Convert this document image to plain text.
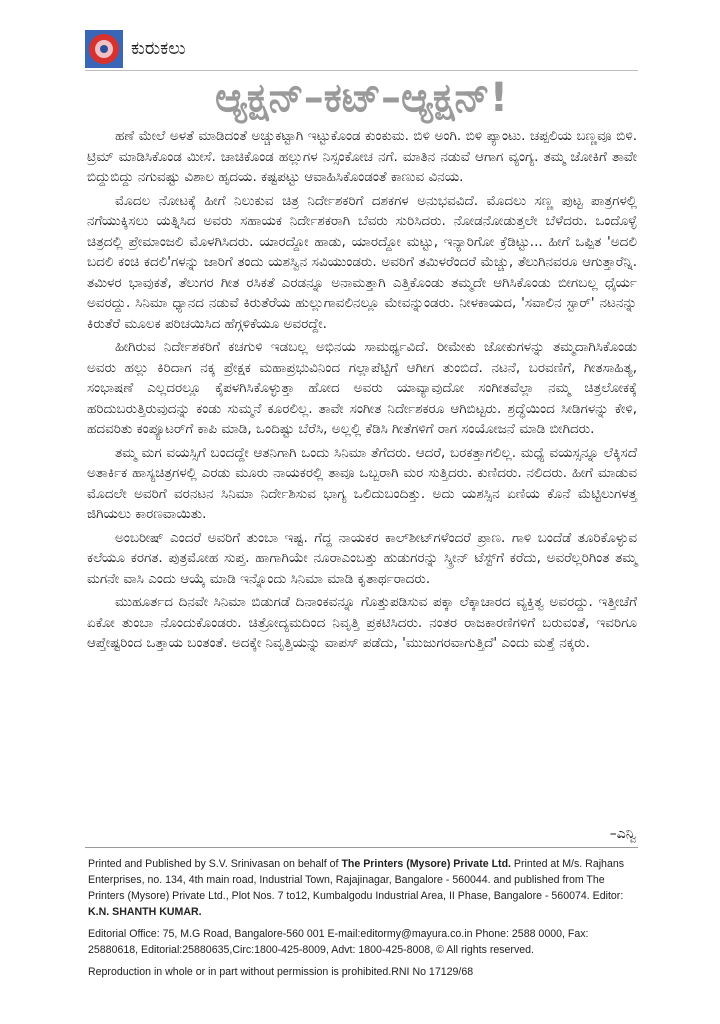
ಕುರುಕಲು
ಆ್ಯಕ್ಷನ್–ಕಟ್–ಆ್ಯಕ್ಷನ್!

ಹಣೆ ಮೇಲೆ ಅಳತೆ ಮಾಡಿದಂತೆ ಅಚ್ಚುಕಟ್ಟಾಗಿ ಇಟ್ಟುಕೊಂಡ ಕುಂಕುಮ. ಬಿಳಿ ಅಂಗಿ. ಬಿಳಿ ಪ್ಯಾಂಟು. ಚಪ್ಪಲಿಯ ಬಣ್ಣವೂ ಬಿಳಿ. ಟ್ರಿಮ್ ಮಾಡಿಸಿಕೊಂಡ ಮೀಸೆ. ಚಾಚಿಕೊಂಡ ಹಲ್ಲುಗಳ ನಿಸ್ಸಂಕೋಚ ನಗೆ. ಮಾತಿನ ನಡುವೆ ಆಗಾಗ ವ್ಯಂಗ್ಯ. ತಮ್ಮ ಜೋಕಿಗೆ ತಾವೇ ಬಿದ್ದುಬಿದ್ದು ನಗುವಷ್ಟು ವಿಶಾಲ ಹೃದಯ. ಕಷ್ಟಪಟ್ಟು ಆವಾಹಿಸಿಕೊಂಡಂತೆ ಕಾಣುವ ವಿನಯ.

ಮೊದಲ ನೋಟಕ್ಕೆ ಹೀಗೆ ನಿಲುಕುವ ಚಿತ್ರ ನಿರ್ದೇಶಕರಿಗೆ ದಶಕಗಳ ಅನುಭವವಿದೆ. ಮೊದಲು ಸಣ್ಣ ಪುಟ್ಟ ಪಾತ್ರಗಳಲ್ಲಿ ನಗೆಯುಕ್ಕಿಸಲು ಯತ್ನಿಸಿದ ಅವರು ಸಹಾಯಕ ನಿರ್ದೇಶಕರಾಗಿ ಬೆವರು ಸುರಿಸಿದರು. ನೋಡನೋಡುತ್ತಲೇ ಬೆಳೆದರು. ಒಂದೊಳ್ಳೆ ಚಿತ್ರದಲ್ಲಿ ಪ್ರೇಮಾಂಜಲಿ ಮೊಳಗಿಸಿದರು. ಯಾರದ್ದೋ ಹಾಡು, ಯಾರದ್ದೋ ಮಟ್ಟು, ಇನ್ಯಾರಿಗೋ ಕ್ರೆಡಿಟ್ಟು... ಹೀಗೆ ಒಪ್ಪಿತ 'ಅದಲಿ ಬದಲಿ ಕಂಚಿ ಕದಲಿ'ಗಳನ್ನು ಜಾರಿಗೆ ತಂದು ಯಶಸ್ವಿನ ಸವಿಯುಂಡರು. ಅವರಿಗೆ ತಮಿಳರೆಂದರೆ ಮೆಚ್ಚು, ತೆಲುಗಿನವರೂ ಆಗುತ್ತಾರೆನ್ನಿ. ತಮಿಳರ ಭಾವುಕತೆ, ತೆಲುಗರ ಗೀತ ರಸಿಕತೆ ಎರಡನ್ನೂ ಅನಾಮತ್ತಾಗಿ ಎತ್ತಿಕೊಂಡು ತಮ್ಮದೇ ಆಗಿಸಿಕೊಂಡು ಬೀಗಬಲ್ಲ ಧೈರ್ಯ ಅವರದ್ದು. ಸಿನಿಮಾ ಧ್ಯಾನದ ನಡುವೆ ಕಿರುತೆರೆಯ ಹುಲ್ಲುಗಾವಲಿನಲ್ಲೂ ಮೇವನ್ನುಂಡರು. ನೀಳಕಾಯದ, 'ಸವಾಲಿನ ಸ್ಟಾರ್' ನಟನನ್ನು ಕಿರುತೆರೆ ಮೂಲಕ ಪರಿಚಯಿಸಿದ ಹೆಗ್ಗಳಿಕೆಯೂ ಅವರದ್ದೇ.

ಹೀಗಿರುವ ನಿರ್ದೇಶಕರಿಗೆ ಕಚಗುಳಿ ಇಡಬಲ್ಲ ಅಭಿನಯ ಸಾಮರ್ಥ್ಯವಿದೆ. ರೀಮೇಕು ಜೋಕುಗಳನ್ನು ತಮ್ಮದಾಗಿಸಿಕೊಂಡು ಅವರು ಹಲ್ಲು ಕಿರಿದಾಗ ನಕ್ಕ ಪ್ರೇಕ್ಷಕ ಮಹಾಪ್ರಭುವಿನಿಂದ ಗಲ್ಲಾಪೆಟ್ಟಿಗೆ ಆಗೀಗ ತುಂಬಿದೆ. ನಟನೆ, ಬರವಣಿಗೆ, ಗೀತಸಾಹಿತ್ಯ, ಸಂಭಾಷಣೆ ಎಲ್ಲದರಲ್ಲೂ ಕೈಪಳಗಿಸಿಕೊಳ್ಳುತ್ತಾ ಹೋದ ಅವರು ಯಾವ್ಯಾವುದೋ ಸಂಗೀತವೆಲ್ಲಾ ನಮ್ಮ ಚಿತ್ರಲೋಕಕ್ಕೆ ಹರಿದುಬರುತ್ತಿರುವುದನ್ನು ಕಂಡು ಸುಮ್ಮನೆ ಕೂರಲಿಲ್ಲ. ತಾವೇ ಸಂಗೀತ ನಿರ್ದೇಶಕರೂ ಆಗಿಬಿಟ್ಟರು. ಶ್ರದ್ಧೆಯಿಂದ ಸೀಡಿಗಳನ್ನು ಕೇಳಿ, ಹದವರಿತು ಕಂಪ್ಯೂಟರ್‌ಗೆ ಕಾಪಿ ಮಾಡಿ, ಒಂದಿಷ್ಟು ಬೆರೆಸಿ, ಅಲ್ಲಲ್ಲಿ ಕೆಡಿಸಿ ಗೀತೆಗಳಿಗೆ ರಾಗ ಸಂಯೋಜನೆ ಮಾಡಿ ಬೀಗಿದರು.

ತಮ್ಮ ಮಗ ವಯಸ್ಸಿಗೆ ಬಂದದ್ದೇ ಆತನಿಗಾಗಿ ಒಂದು ಸಿನಿಮಾ ತೆಗೆದರು. ಆದರೆ, ಬರಕತ್ತಾಗಲಿಲ್ಲ. ಮಧ್ಯೆ ವಯಸ್ಸನ್ನೂ ಲೆಕ್ಕಿಸದೆ ಅತಾರ್ಕಿಕ ಹಾಸ್ಯಚಿತ್ರಗಳಲ್ಲಿ ಎರಡು ಮೂರು ನಾಯಕರಲ್ಲಿ ತಾವೂ ಒಬ್ಬರಾಗಿ ಮರ ಸುತ್ತಿದರು. ಕುಣಿದರು. ನಲಿದರು. ಹೀಗೆ ಮಾಡುವ ಮೊದಲೇ ಅವರಿಗೆ ವರನಟನ ಸಿನಿಮಾ ನಿರ್ದೇಶಿಸುವ ಭಾಗ್ಯ ಒಲಿದುಬಂದಿತ್ತು. ಅದು ಯಶಸ್ಸಿನ ಏಣಿಯ ಕೊನೆ ಮೆಟ್ಟಿಲುಗಳತ್ತ ಜಿಗಿಯಲು ಕಾರಣವಾಯಿತು.

ಅಂಬರೀಷ್ ಎಂದರೆ ಅವರಿಗೆ ತುಂಬಾ ಇಷ್ಟ. ಗೆದ್ದ ನಾಯಕರ ಕಾಲ್‌ಶೀಟ್‌ಗಳೆಂದರೆ ಪ್ರಾಣ. ಗಾಳಿ ಬಂದೆಡೆ ತೂರಿಕೊಳ್ಳುವ ಕಲೆಯೂ ಕರಗತ. ಪುತ್ರಮೋಹ ಸುಪ್ತ. ಹಾಗಾಗಿಯೇ ನೂರಾಎಂಬತ್ತು ಹುಡುಗರನ್ನು ಸ್ಕ್ರೀನ್ ಟೆಸ್ಟ್‌ಗೆ ಕರೆದು, ಅವರೆಲ್ಲರಿಗಿಂತ ತಮ್ಮ ಮಗನೇ ವಾಸಿ ಎಂದು ಆಯ್ಕೆ ಮಾಡಿ ಇನ್ನೊಂದು ಸಿನಿಮಾ ಮಾಡಿ ಕೃತಾರ್ಥರಾದರು.

ಮುಹೂರ್ತದ ದಿನವೇ ಸಿನಿಮಾ ಬಿಡುಗಡೆ ದಿನಾಂಕವನ್ನೂ ಗೊತ್ತುಪಡಿಸುವ ಪಕ್ಕಾ ಲೆಕ್ಕಾಚಾರದ ವ್ಯಕ್ತಿತ್ವ ಅವರದ್ದು. ಇತ್ತೀಚೆಗೆ ಏಕೋ ತುಂಬಾ ನೊಂದುಕೊಂಡರು. ಚಿತ್ರೋದ್ಯಮದಿಂದ ನಿವೃತ್ತಿ ಪ್ರಕಟಿಸಿದರು. ನಂತರ ರಾಜಕಾರಣಿಗಳಿಗೆ ಬರುವಂತೆ, ಇವರಿಗೂ ಆಪ್ತೇಷ್ಟರಿಂದ ಒತ್ತಾಯ ಬಂತಂತೆ. ಅದಕ್ಕೇ ನಿವೃತ್ತಿಯನ್ನು ವಾಪಸ್ ಪಡೆದು, 'ಮುಜುಗರವಾಗುತ್ತಿದೆ' ಎಂದು ಮತ್ತೆ ನಕ್ಕರು.

–ಎನ್ವಿ

Printed and Published by S.V. Srinivasan on behalf of The Printers (Mysore) Private Ltd. Printed at M/s. Rajhans Enterprises, no. 134, 4th main road, Industrial Town, Rajajinagar, Bangalore - 560044. and published from The Printers (Mysore) Private Ltd., Plot Nos. 7 to12, Kumbalgodu Industrial Area, II Phase, Bangalore - 560074. Editor: K.N. SHANTH KUMAR.

Editorial Office: 75, M.G Road, Bangalore-560 001 E-mail:editormy@mayura.co.in Phone: 2588 0000, Fax: 25880618, Editorial:25880635,Circ:1800-425-8009, Advt: 1800-425-8008, © All rights reserved.

Reproduction in whole or in part without permission is prohibited.RNI No 17129/68
